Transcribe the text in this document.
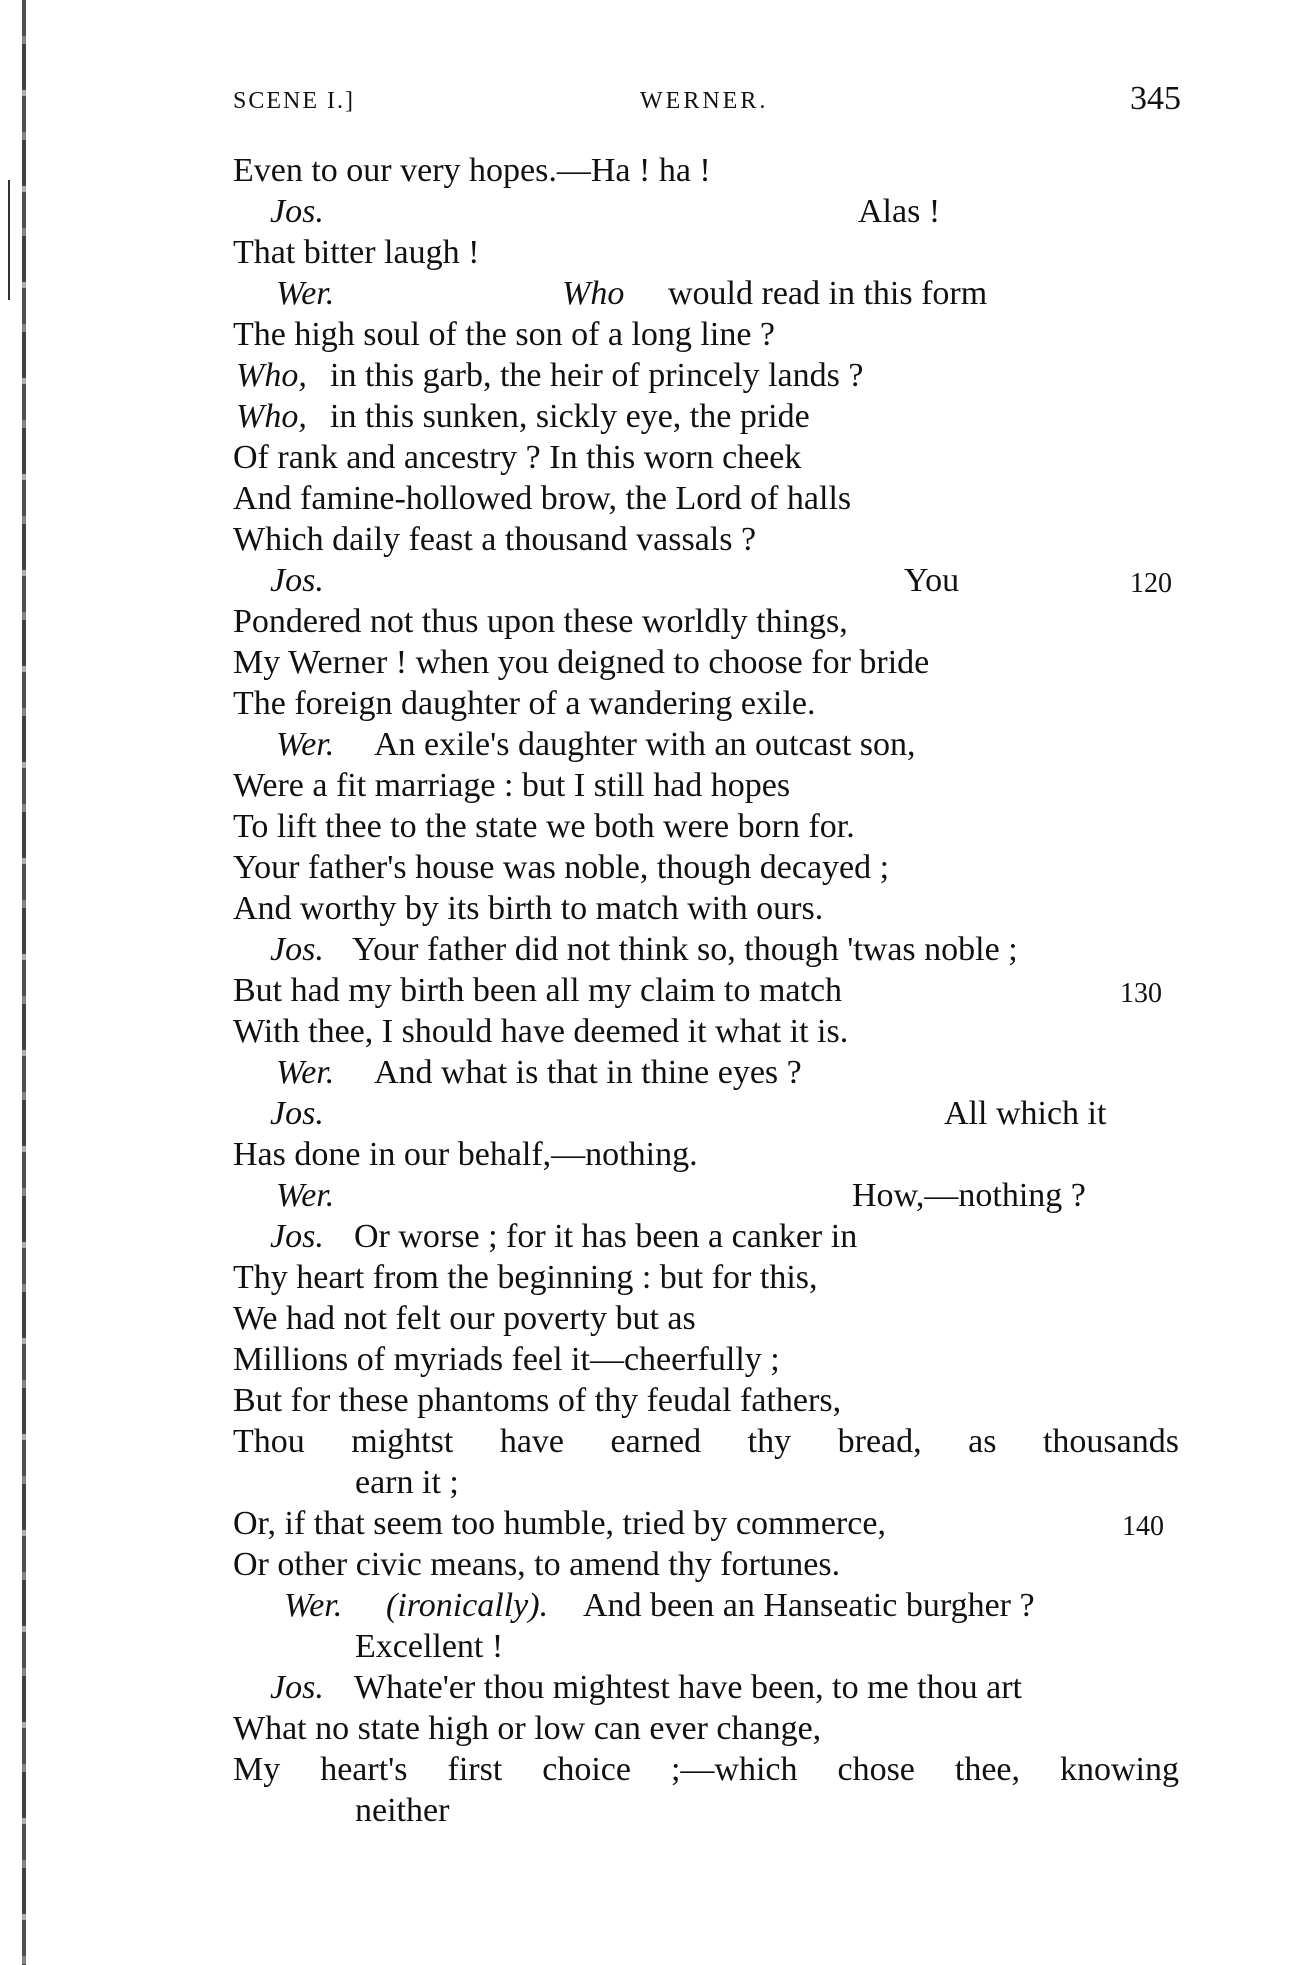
SCENE I.]	WERNER.	345
Even to our very hopes.—Ha ! ha !
Jos.	Alas !
That bitter laugh !
Wer.	Who would read in this form
The high soul of the son of a long line ?
Who, in this garb, the heir of princely lands ?
Who, in this sunken, sickly eye, the pride
Of rank and ancestry ? In this worn cheek
And famine-hollowed brow, the Lord of halls
Which daily feast a thousand vassals ?
Jos.	You	120
Pondered not thus upon these worldly things,
My Werner ! when you deigned to choose for bride
The foreign daughter of a wandering exile.
Wer. An exile's daughter with an outcast son,
Were a fit marriage : but I still had hopes
To lift thee to the state we both were born for.
Your father's house was noble, though decayed ;
And worthy by its birth to match with ours.
Jos. Your father did not think so, though 'twas noble ;
But had my birth been all my claim to match	130
With thee, I should have deemed it what it is.
Wer. And what is that in thine eyes ?
Jos.	All which it
Has done in our behalf,—nothing.
Wer.	How,—nothing ?
Jos. Or worse ; for it has been a canker in
Thy heart from the beginning : but for this,
We had not felt our poverty but as
Millions of myriads feel it—cheerfully ;
But for these phantoms of thy feudal fathers,
Thou mightst have earned thy bread, as thousands
earn it ;
Or, if that seem too humble, tried by commerce,	140
Or other civic means, to amend thy fortunes.
Wer. (ironically). And been an Hanseatic burgher ?
Excellent !
Jos. Whate'er thou mightest have been, to me thou art
What no state high or low can ever change,
My heart's first choice ;—which chose thee, knowing
neither
